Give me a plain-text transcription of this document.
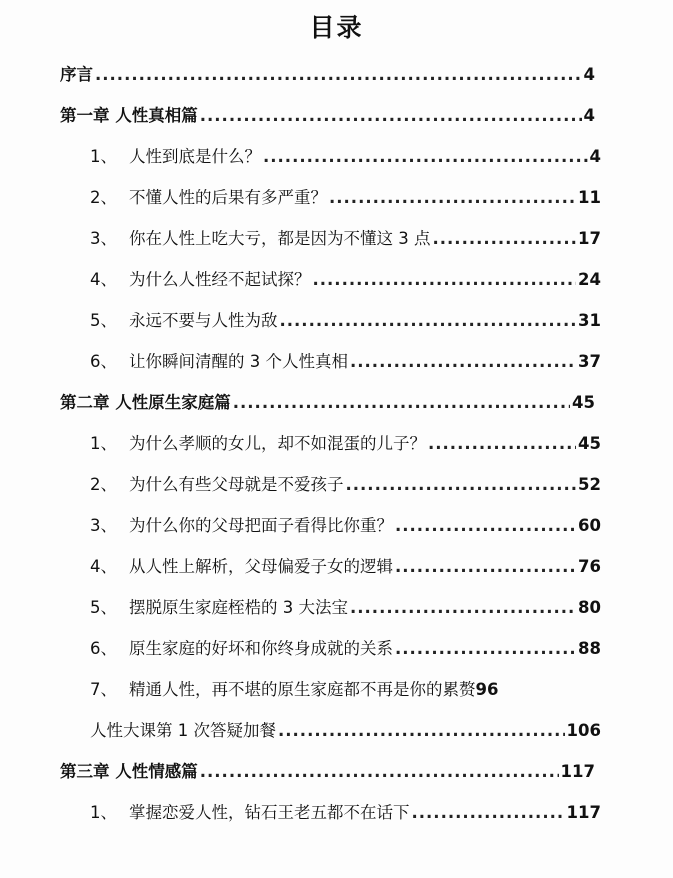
目录
序言 .....	4
第一章 人性真相篇 .....	4
1、 人性到底是什么？ .....	4
2、 不懂人性的后果有多严重？ .....	11
3、 你在人性上吃大亏，都是因为不懂这 3 点 .....	17
4、 为什么人性经不起试探？ .....	24
5、 永远不要与人性为敌 .....	31
6、 让你瞬间清醒的 3 个人性真相 .....	37
第二章 人性原生家庭篇 .....	45
1、 为什么孝顺的女儿，却不如混蛋的儿子？ .....	45
2、 为什么有些父母就是不爱孩子 .....	52
3、 为什么你的父母把面子看得比你重？ .....	60
4、 从人性上解析，父母偏爱子女的逻辑 .....	76
5、 摆脱原生家庭桎梏的 3 大法宝 .....	80
6、 原生家庭的好坏和你终身成就的关系 .....	88
7、 精通人性，再不堪的原生家庭都不再是你的累赘 96
人性大课第 1 次答疑加餐 .....	106
第三章 人性情感篇 .....	117
1、 掌握恋爱人性，钻石王老五都不在话下 .....	117
